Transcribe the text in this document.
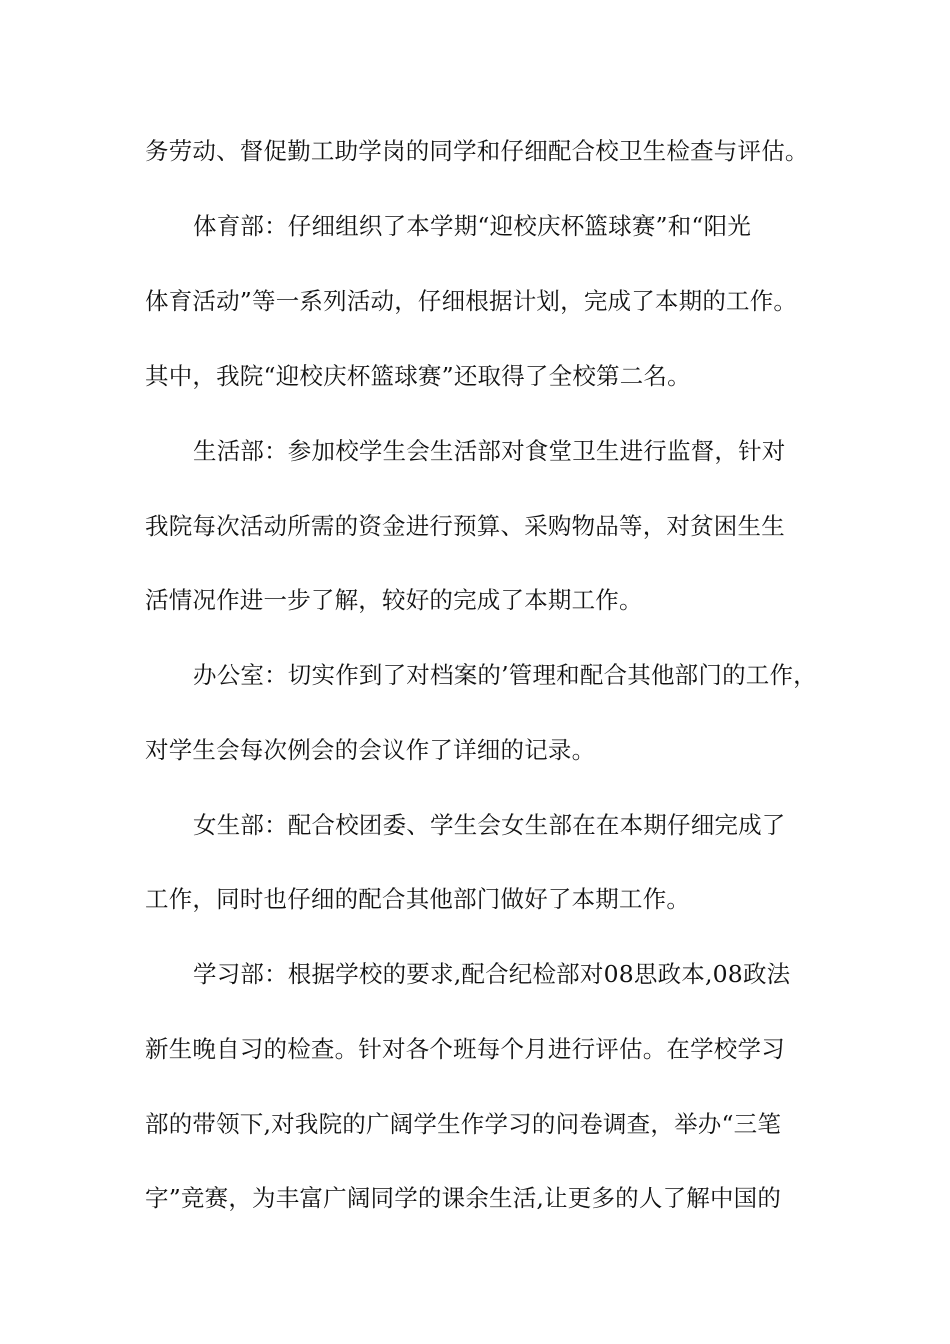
务劳动、督促勤工助学岗的同学和仔细配合校卫生检查与评估。
体育部：仔细组织了本学期“迎校庆杯篮球赛”和“阳光
体育活动”等一系列活动，仔细根据计划，完成了本期的工作。
其中，我院“迎校庆杯篮球赛”还取得了全校第二名。
生活部：参加校学生会生活部对食堂卫生进行监督，针对
我院每次活动所需的资金进行预算、采购物品等，对贫困生生
活情况作进一步了解，较好的完成了本期工作。
办公室：切实作到了对档案的’管理和配合其他部门的工作，
对学生会每次例会的会议作了详细的记录。
女生部：配合校团委、学生会女生部在在本期仔细完成了
工作，同时也仔细的配合其他部门做好了本期工作。
学习部：根据学校的要求,配合纪检部对08思政本,08政法
新生晚自习的检查。针对各个班每个月进行评估。在学校学习
部的带领下,对我院的广阔学生作学习的问卷调查，举办“三笔
字”竞赛，为丰富广阔同学的课余生活,让更多的人了解中国的
